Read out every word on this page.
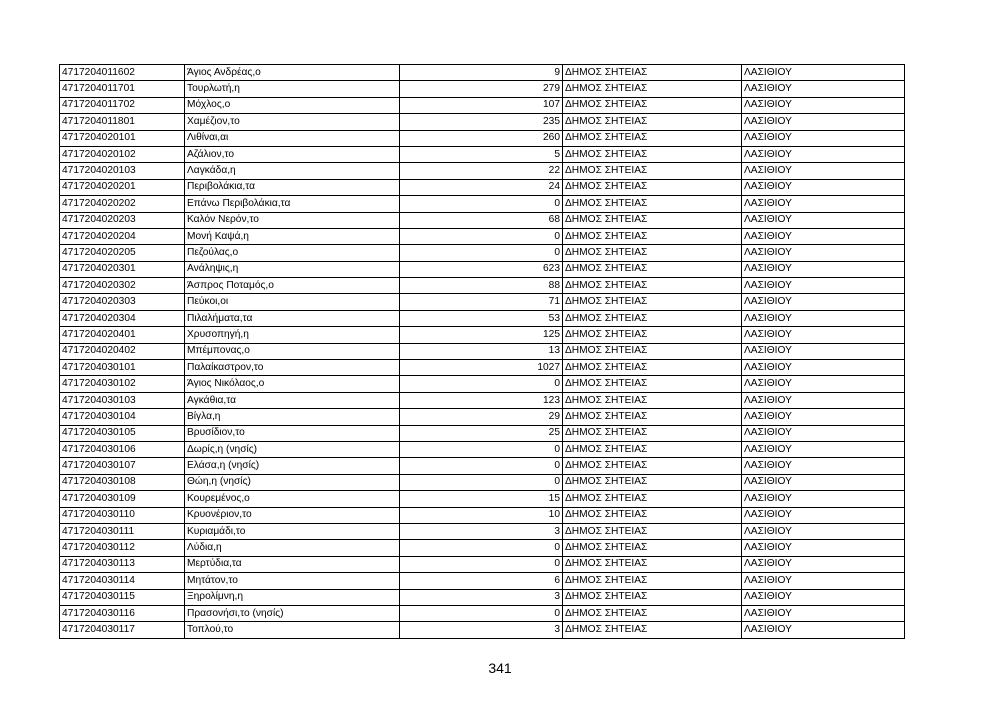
4717204011602	Άγιος Ανδρέας,ο	9	ΔΗΜΟΣ ΣΗΤΕΙΑΣ	ΛΑΣΙΘΙΟΥ
4717204011701	Τουρλωτή,η	279	ΔΗΜΟΣ ΣΗΤΕΙΑΣ	ΛΑΣΙΘΙΟΥ
4717204011702	Μόχλος,ο	107	ΔΗΜΟΣ ΣΗΤΕΙΑΣ	ΛΑΣΙΘΙΟΥ
4717204011801	Χαμέζιον,το	235	ΔΗΜΟΣ ΣΗΤΕΙΑΣ	ΛΑΣΙΘΙΟΥ
4717204020101	Λιθίναι,αι	260	ΔΗΜΟΣ ΣΗΤΕΙΑΣ	ΛΑΣΙΘΙΟΥ
4717204020102	Αζάλιον,το	5	ΔΗΜΟΣ ΣΗΤΕΙΑΣ	ΛΑΣΙΘΙΟΥ
4717204020103	Λαγκάδα,η	22	ΔΗΜΟΣ ΣΗΤΕΙΑΣ	ΛΑΣΙΘΙΟΥ
4717204020201	Περιβολάκια,τα	24	ΔΗΜΟΣ ΣΗΤΕΙΑΣ	ΛΑΣΙΘΙΟΥ
4717204020202	Επάνω Περιβολάκια,τα	0	ΔΗΜΟΣ ΣΗΤΕΙΑΣ	ΛΑΣΙΘΙΟΥ
4717204020203	Καλόν Νερόν,το	68	ΔΗΜΟΣ ΣΗΤΕΙΑΣ	ΛΑΣΙΘΙΟΥ
4717204020204	Μονή Καψά,η	0	ΔΗΜΟΣ ΣΗΤΕΙΑΣ	ΛΑΣΙΘΙΟΥ
4717204020205	Πεζούλας,ο	0	ΔΗΜΟΣ ΣΗΤΕΙΑΣ	ΛΑΣΙΘΙΟΥ
4717204020301	Ανάληψις,η	623	ΔΗΜΟΣ ΣΗΤΕΙΑΣ	ΛΑΣΙΘΙΟΥ
4717204020302	Άσπρος Ποταμός,ο	88	ΔΗΜΟΣ ΣΗΤΕΙΑΣ	ΛΑΣΙΘΙΟΥ
4717204020303	Πεύκοι,οι	71	ΔΗΜΟΣ ΣΗΤΕΙΑΣ	ΛΑΣΙΘΙΟΥ
4717204020304	Πιλαλήματα,τα	53	ΔΗΜΟΣ ΣΗΤΕΙΑΣ	ΛΑΣΙΘΙΟΥ
4717204020401	Χρυσοπηγή,η	125	ΔΗΜΟΣ ΣΗΤΕΙΑΣ	ΛΑΣΙΘΙΟΥ
4717204020402	Μπέμπονας,ο	13	ΔΗΜΟΣ ΣΗΤΕΙΑΣ	ΛΑΣΙΘΙΟΥ
4717204030101	Παλαίκαστρον,το	1027	ΔΗΜΟΣ ΣΗΤΕΙΑΣ	ΛΑΣΙΘΙΟΥ
4717204030102	Άγιος Νικόλαος,ο	0	ΔΗΜΟΣ ΣΗΤΕΙΑΣ	ΛΑΣΙΘΙΟΥ
4717204030103	Αγκάθια,τα	123	ΔΗΜΟΣ ΣΗΤΕΙΑΣ	ΛΑΣΙΘΙΟΥ
4717204030104	Βίγλα,η	29	ΔΗΜΟΣ ΣΗΤΕΙΑΣ	ΛΑΣΙΘΙΟΥ
4717204030105	Βρυσίδιον,το	25	ΔΗΜΟΣ ΣΗΤΕΙΑΣ	ΛΑΣΙΘΙΟΥ
4717204030106	Δωρίς,η (νησίς)	0	ΔΗΜΟΣ ΣΗΤΕΙΑΣ	ΛΑΣΙΘΙΟΥ
4717204030107	Ελάσα,η (νησίς)	0	ΔΗΜΟΣ ΣΗΤΕΙΑΣ	ΛΑΣΙΘΙΟΥ
4717204030108	Θώη,η (νησίς)	0	ΔΗΜΟΣ ΣΗΤΕΙΑΣ	ΛΑΣΙΘΙΟΥ
4717204030109	Κουρεμένος,ο	15	ΔΗΜΟΣ ΣΗΤΕΙΑΣ	ΛΑΣΙΘΙΟΥ
4717204030110	Κρυονέριον,το	10	ΔΗΜΟΣ ΣΗΤΕΙΑΣ	ΛΑΣΙΘΙΟΥ
4717204030111	Κυριαμάδι,το	3	ΔΗΜΟΣ ΣΗΤΕΙΑΣ	ΛΑΣΙΘΙΟΥ
4717204030112	Λύδια,η	0	ΔΗΜΟΣ ΣΗΤΕΙΑΣ	ΛΑΣΙΘΙΟΥ
4717204030113	Μερτύδια,τα	0	ΔΗΜΟΣ ΣΗΤΕΙΑΣ	ΛΑΣΙΘΙΟΥ
4717204030114	Μητάτον,το	6	ΔΗΜΟΣ ΣΗΤΕΙΑΣ	ΛΑΣΙΘΙΟΥ
4717204030115	Ξηρολίμνη,η	3	ΔΗΜΟΣ ΣΗΤΕΙΑΣ	ΛΑΣΙΘΙΟΥ
4717204030116	Πρασονήσι,το (νησίς)	0	ΔΗΜΟΣ ΣΗΤΕΙΑΣ	ΛΑΣΙΘΙΟΥ
4717204030117	Τοπλού,το	3	ΔΗΜΟΣ ΣΗΤΕΙΑΣ	ΛΑΣΙΘΙΟΥ
341
